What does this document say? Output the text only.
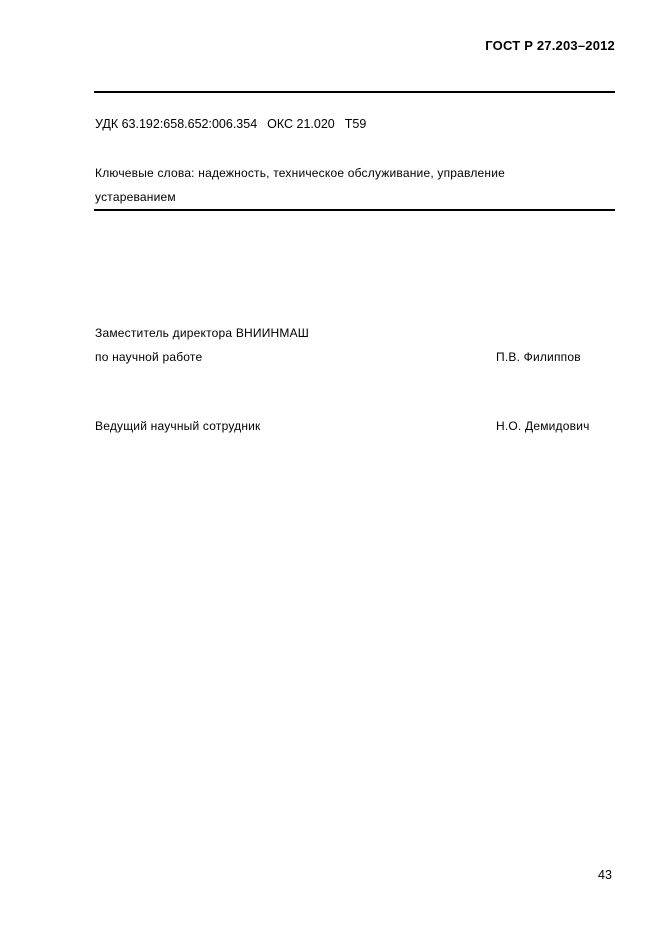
ГОСТ Р 27.203–2012
УДК 63.192:658.652:006.354 ОКС 21.020 Т59
Ключевые слова: надежность, техническое обслуживание, управление устареванием
Заместитель директора ВНИИНМАШ
по научной работе	П.В. Филиппов
Ведущий научный сотрудник	Н.О. Демидович
43
